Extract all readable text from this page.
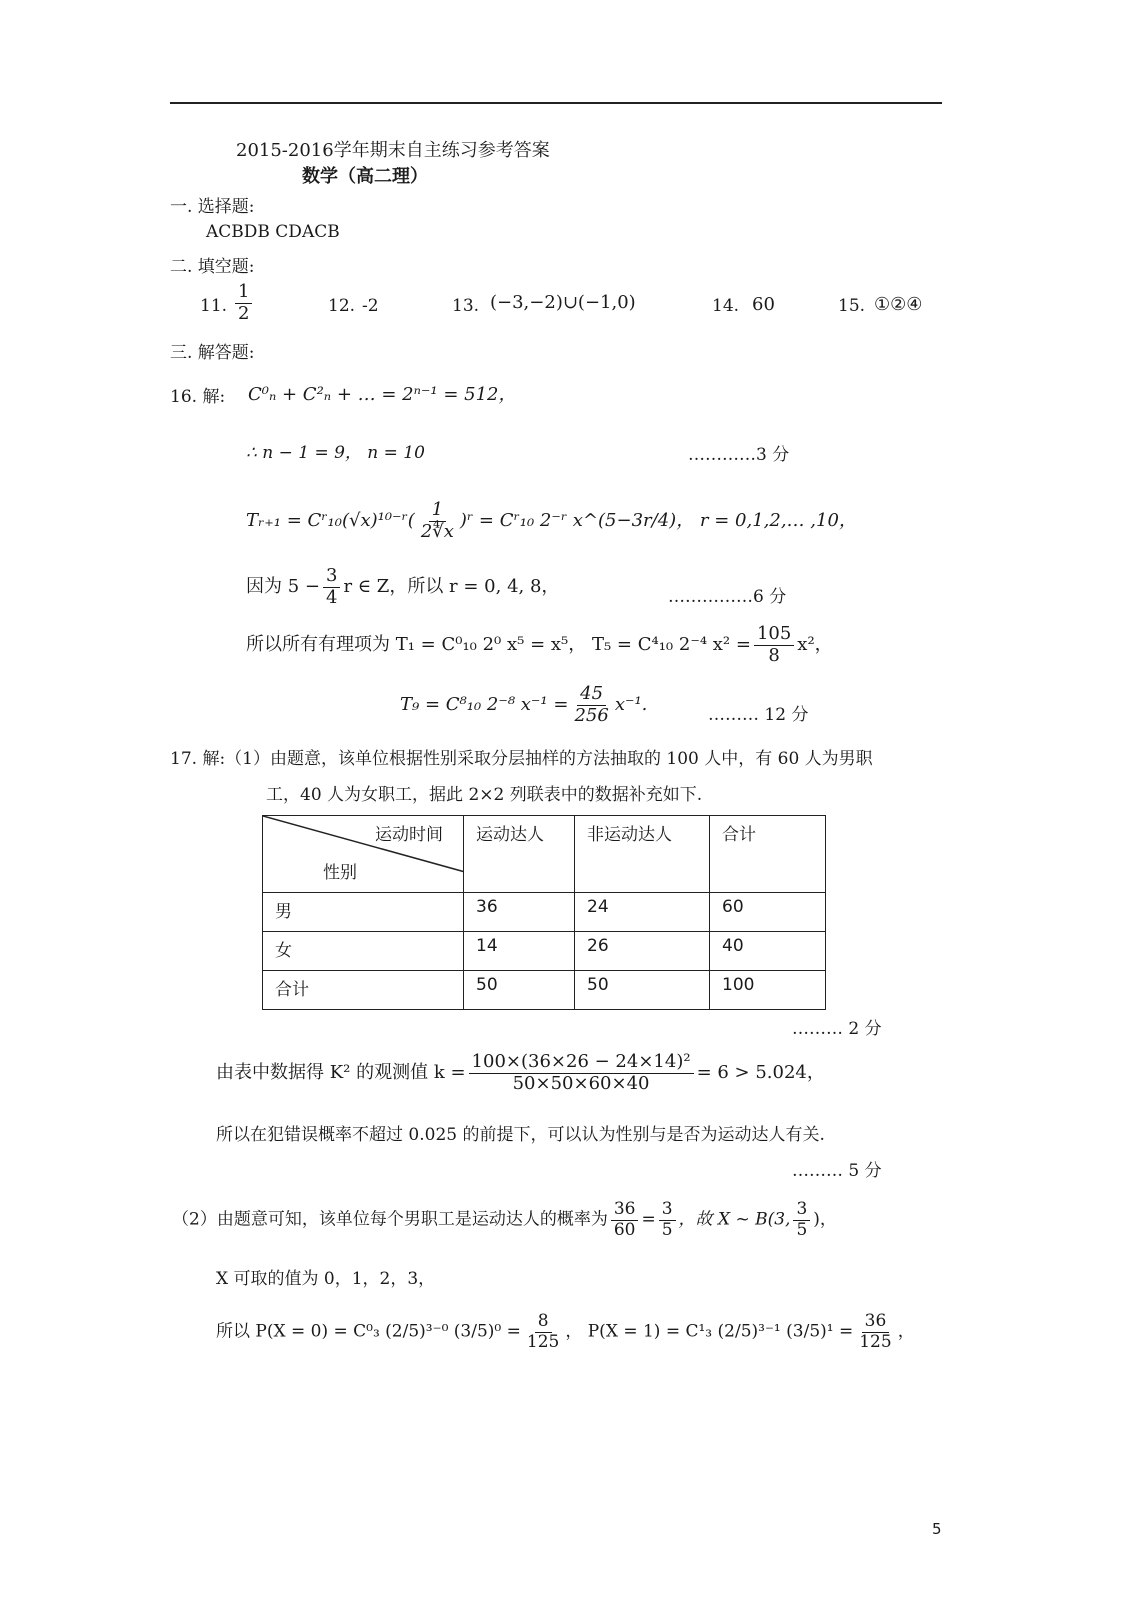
2015-2016学年期末自主练习参考答案
数学（高二理）
一. 选择题:
ACBDB CDACB
二. 填空题:
11. $\frac{1}{2}$	12. -2	13. (−3,−2)∪(−1,0)	14. 60	15. ①②④
三. 解答题:
16. 解: C⁰ₙ + C²ₙ + … = 2ⁿ⁻¹ = 512，
∴ n − 1 = 9， n = 10	…………3 分
Tᵣ₊₁ = Cʳ₁₀(√x)¹⁰⁻ʳ( $\frac{1}{2∜x}$ )ʳ = Cʳ₁₀ 2⁻ʳ x^(5−3r/4)， r = 0,1,2,… ,10，
因为 $5 - \frac{3}{4}$ r ∈ Z，所以 r = 0, 4, 8，	……………6 分
所以所有有理项为 T₁ = C⁰₁₀ 2⁰ x⁵ = x⁵， T₅ = C⁴₁₀ 2⁻⁴ $x^2 = \frac{105}{8} x^2$，
T₉ = C⁸₁₀ 2⁻⁸ $x^{-1} = \frac{45}{256} x^{-1}$.	……… 12 分
17. 解:（1）由题意，该单位根据性别采取分层抽样的方法抽取的 100 人中，有 60 人为男职
工，40 人为女职工，据此 2×2 列联表中的数据补充如下.
运动时间
性别	运动达人	非运动达人	合计
男	36	24	60
女	14	26	40
合计	50	50	100
……… 2 分
由表中数据得 K² 的观测值 $k = \frac{\text{100×(36×26 − 24×14)²}}{50\times 50\times 60\times 40} = 6 > 5.024$，
所以在犯错误概率不超过 0.025 的前提下，可以认为性别与是否为运动达人有关.
……… 5 分
（2）由题意可知，该单位每个男职工是运动达人的概率为 $\frac{36}{60} = \frac{3}{5}$ ，故 X ~ B(3, $\frac{3}{5}$ )，
X 可取的值为 0，1，2，3，
所以 P(X = 0) = C⁰₃ (2/5)³⁻⁰ $(3/5)^0 = \frac{8}{125}$ ， P(X = 1) = C¹₃ (2/5)³⁻¹ $(3/5)^1 = \frac{36}{125}$ ，
5
